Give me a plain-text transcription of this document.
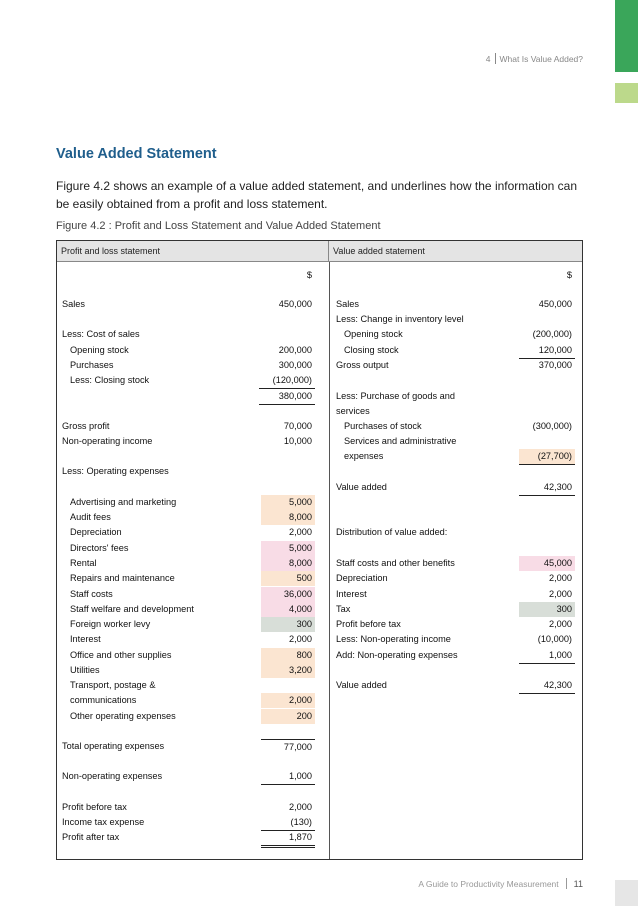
4	What Is Value Added?
Value Added Statement

Figure 4.2 shows an example of a value added statement, and underlines how the information can be easily obtained from a profit and loss statement.

Figure 4.2 : Profit and Loss Statement and Value Added Statement
Profit and loss statement	Value added statement
$	$
Sales	450,000
Less: Cost of sales
Opening stock	200,000
Purchases	300,000
Less: Closing stock	(120,000)
380,000
Gross profit	70,000
Non-operating income	10,000
Less: Operating expenses
Advertising and marketing	5,000
Audit fees	8,000
Depreciation	2,000
Directors' fees	5,000
Rental	8,000
Repairs and maintenance	500
Staff costs	36,000
Staff welfare and development	4,000
Foreign worker levy	300
Interest	2,000
Office and other supplies	800
Utilities	3,200
Transport, postage &
communications	2,000
Other operating expenses	200
Total operating expenses	77,000
Non-operating expenses	1,000
Profit before tax	2,000
Income tax expense	(130)
Profit after tax	1,870
Sales	450,000
Less: Change in inventory level
Opening stock	(200,000)
Closing stock	120,000
Gross output	370,000
Less: Purchase of goods and
services
Purchases of stock	(300,000)
Services and administrative
expenses	(27,700)
Value added	42,300
Distribution of value added:
Staff costs and other benefits	45,000
Depreciation	2,000
Interest	2,000
Tax	300
Profit before tax	2,000
Less: Non-operating income	(10,000)
Add: Non-operating expenses	1,000
Value added	42,300
A Guide to Productivity Measurement 11
